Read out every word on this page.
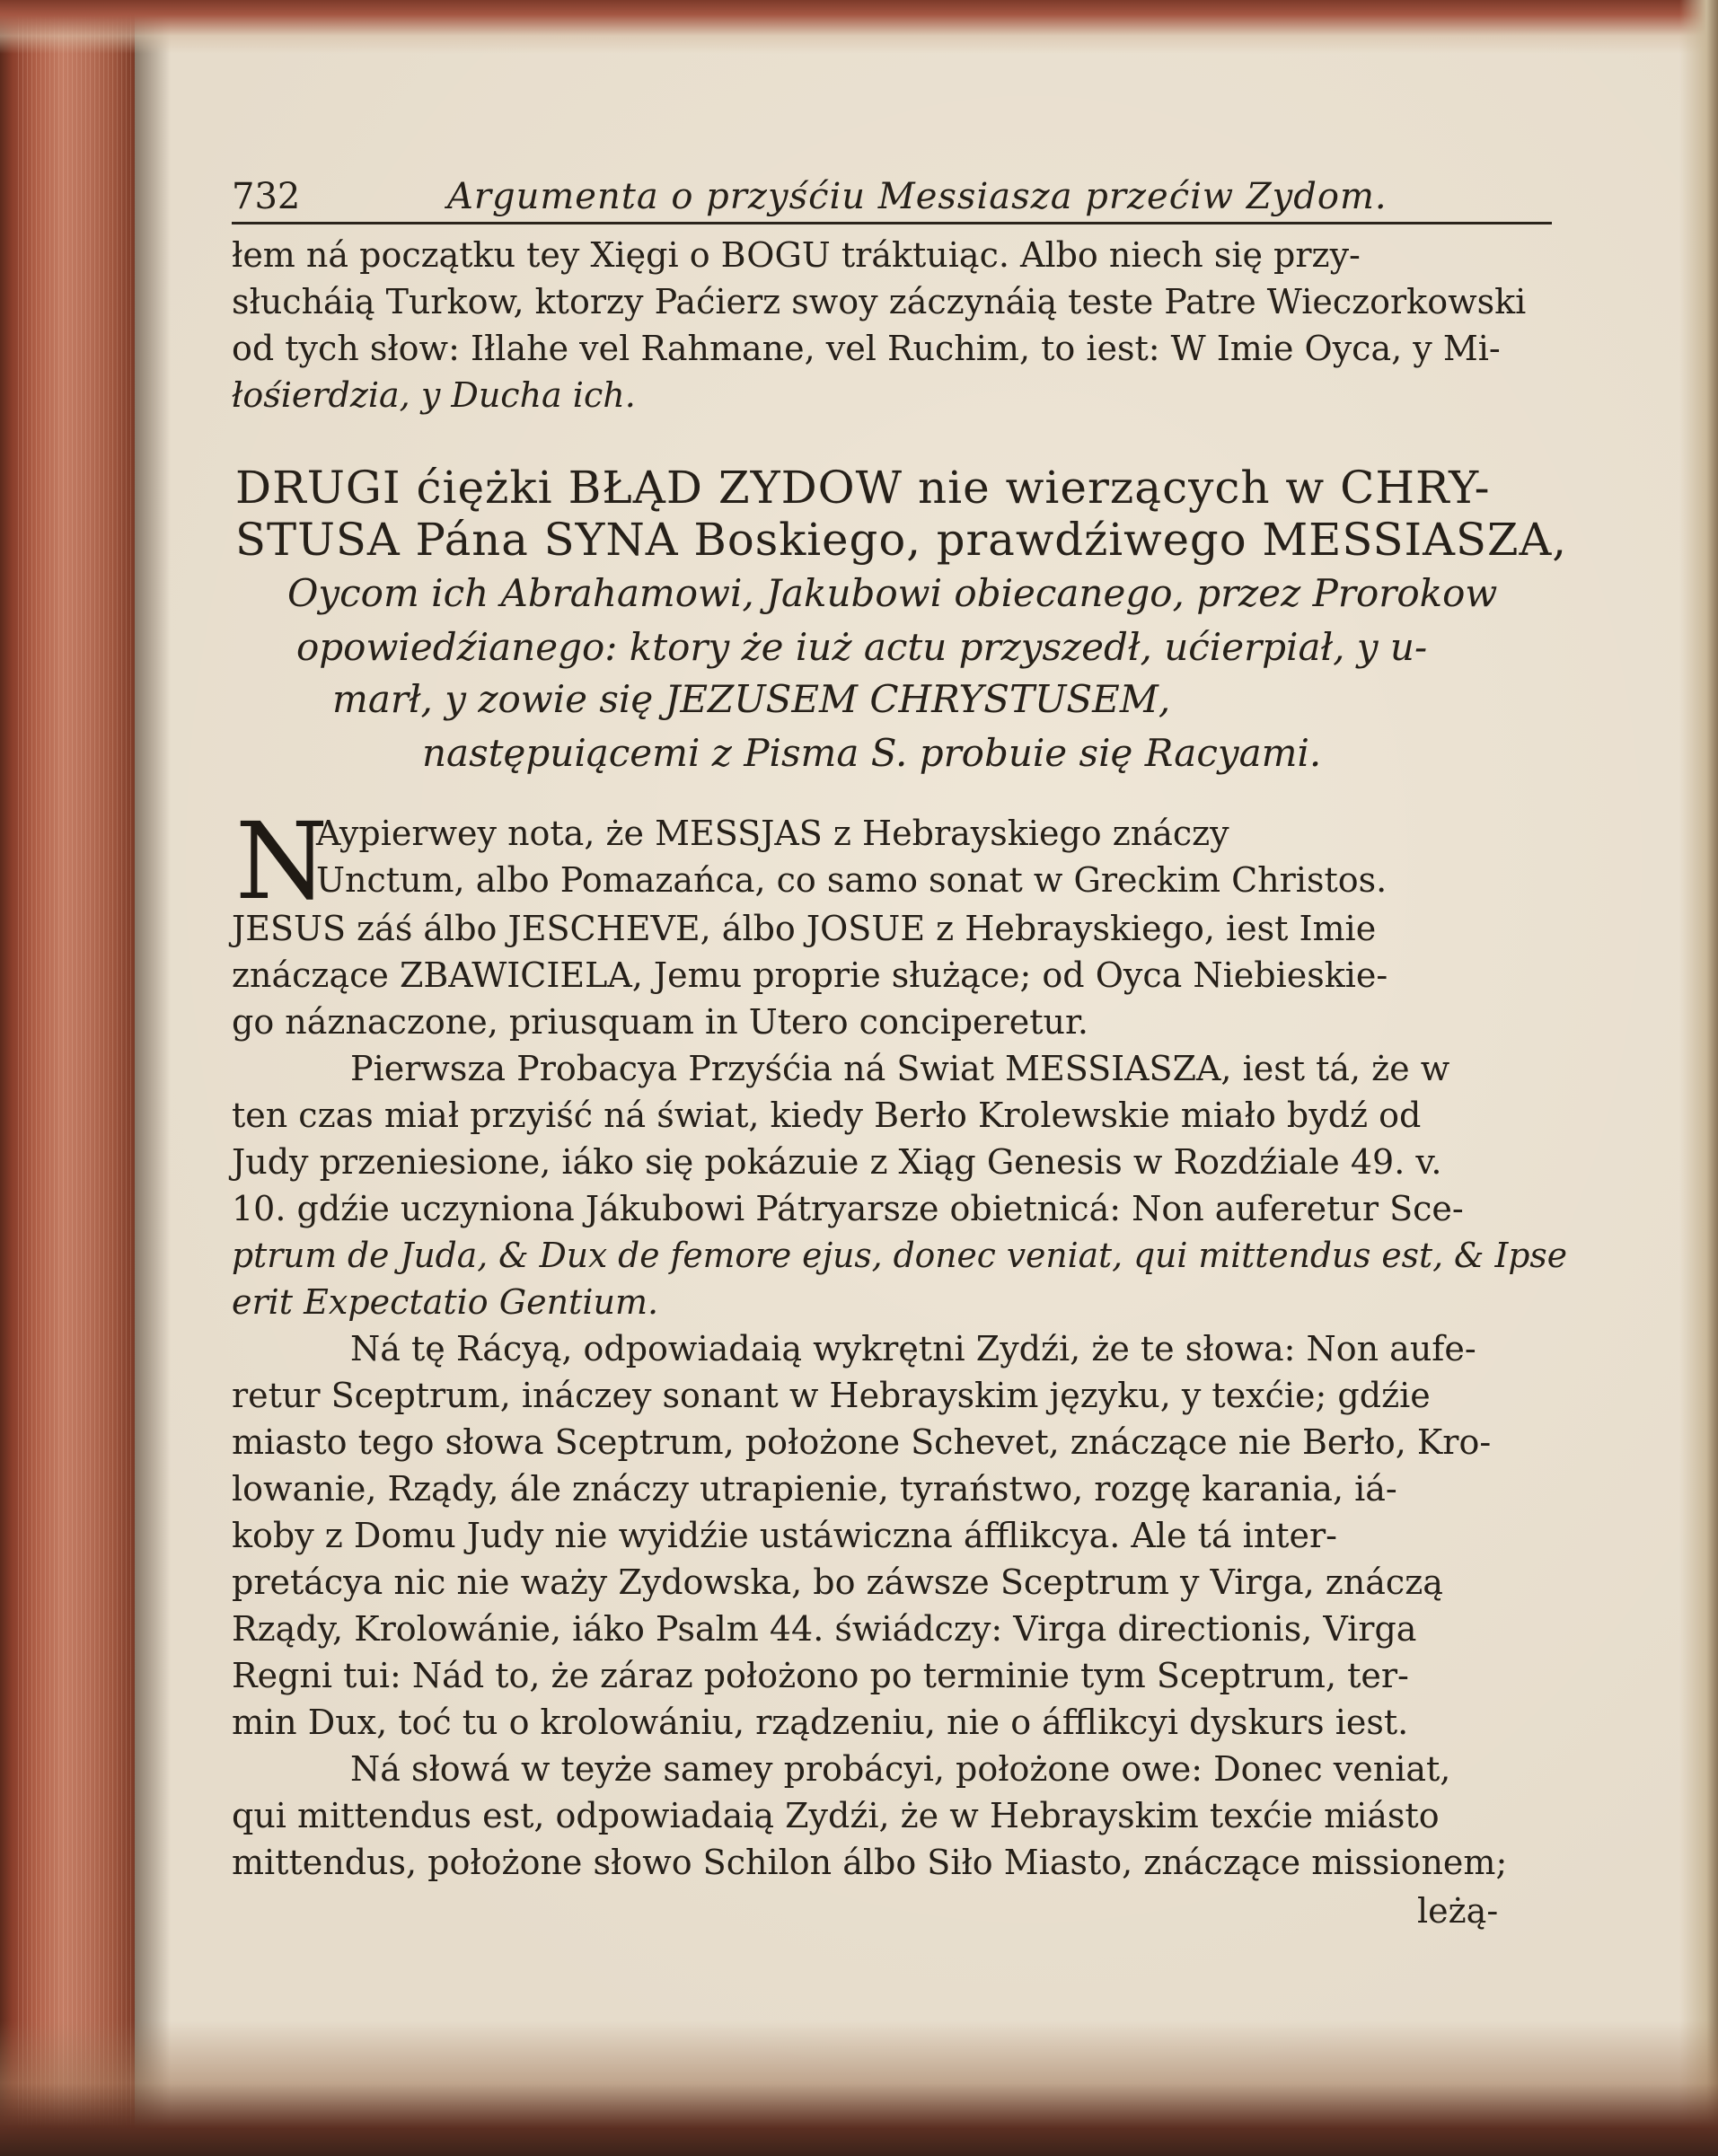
732	Argumenta o przyśćiu Messiasza przećiw Zydom.
łem ná początku tey Xięgi o BOGU tráktuiąc. Albo niech się przy-
słucháią Turkow, ktorzy Paćierz swoy záczynáią teste Patre Wieczorkowski
od tych słow: Iłlahe vel Rahmane, vel Ruchim, to iest: W Imie Oyca, y Mi-
łośierdzia, y Ducha ich.
DRUGI ćiężki BŁĄD ZYDOW nie wierzących w CHRY-
STUSA Pána SYNA Boskiego, prawdźiwego MESSIASZA,
Oycom ich Abrahamowi, Jakubowi obiecanego, przez Prorokow
opowiedźianego: ktory że iuż actu przyszedł, ućierpiał, y u-
marł, y zowie się JEZUSEM CHRYSTUSEM,
następuiącemi z Pisma S. probuie się Racyami.
N
Aypierwey nota, że MESSJAS z Hebrayskiego znáczy
Unctum, albo Pomazańca, co samo sonat w Greckim Christos.
JESUS záś álbo JESCHEVE, álbo JOSUE z Hebrayskiego, iest Imie
znáczące ZBAWICIELA, Jemu proprie służące; od Oyca Niebieskie-
go náznaczone, priusquam in Utero conciperetur.
Pierwsza Probacya Przyśćia ná Swiat MESSIASZA, iest tá, że w
ten czas miał przyiść ná świat, kiedy Berło Krolewskie miało bydź od
Judy przeniesione, iáko się pokázuie z Xiąg Genesis w Rozdźiale 49. v.
10. gdźie uczyniona Jákubowi Pátryarsze obietnicá: Non auferetur Sce-
ptrum de Juda, & Dux de femore ejus, donec veniat, qui mittendus est, & Ipse
erit Expectatio Gentium.
Ná tę Rácyą, odpowiadaią wykrętni Zydźi, że te słowa: Non aufe-
retur Sceptrum, ináczey sonant w Hebrayskim języku, y texćie; gdźie
miasto tego słowa Sceptrum, położone Schevet, znáczące nie Berło, Kro-
lowanie, Rządy, ále znáczy utrapienie, tyraństwo, rozgę karania, iá-
koby z Domu Judy nie wyidźie ustáwiczna áfflikcya. Ale tá inter-
pretácya nic nie waży Zydowska, bo záwsze Sceptrum y Virga, znáczą
Rządy, Krolowánie, iáko Psalm 44. świádczy: Virga directionis, Virga
Regni tui: Nád to, że záraz położono po terminie tym Sceptrum, ter-
min Dux, toć tu o krolowániu, rządzeniu, nie o áfflikcyi dyskurs iest.
Ná słowá w teyże samey probácyi, położone owe: Donec veniat,
qui mittendus est, odpowiadaią Zydźi, że w Hebrayskim texćie miásto
mittendus, położone słowo Schilon álbo Siło Miasto, znáczące missionem;
leżą-
